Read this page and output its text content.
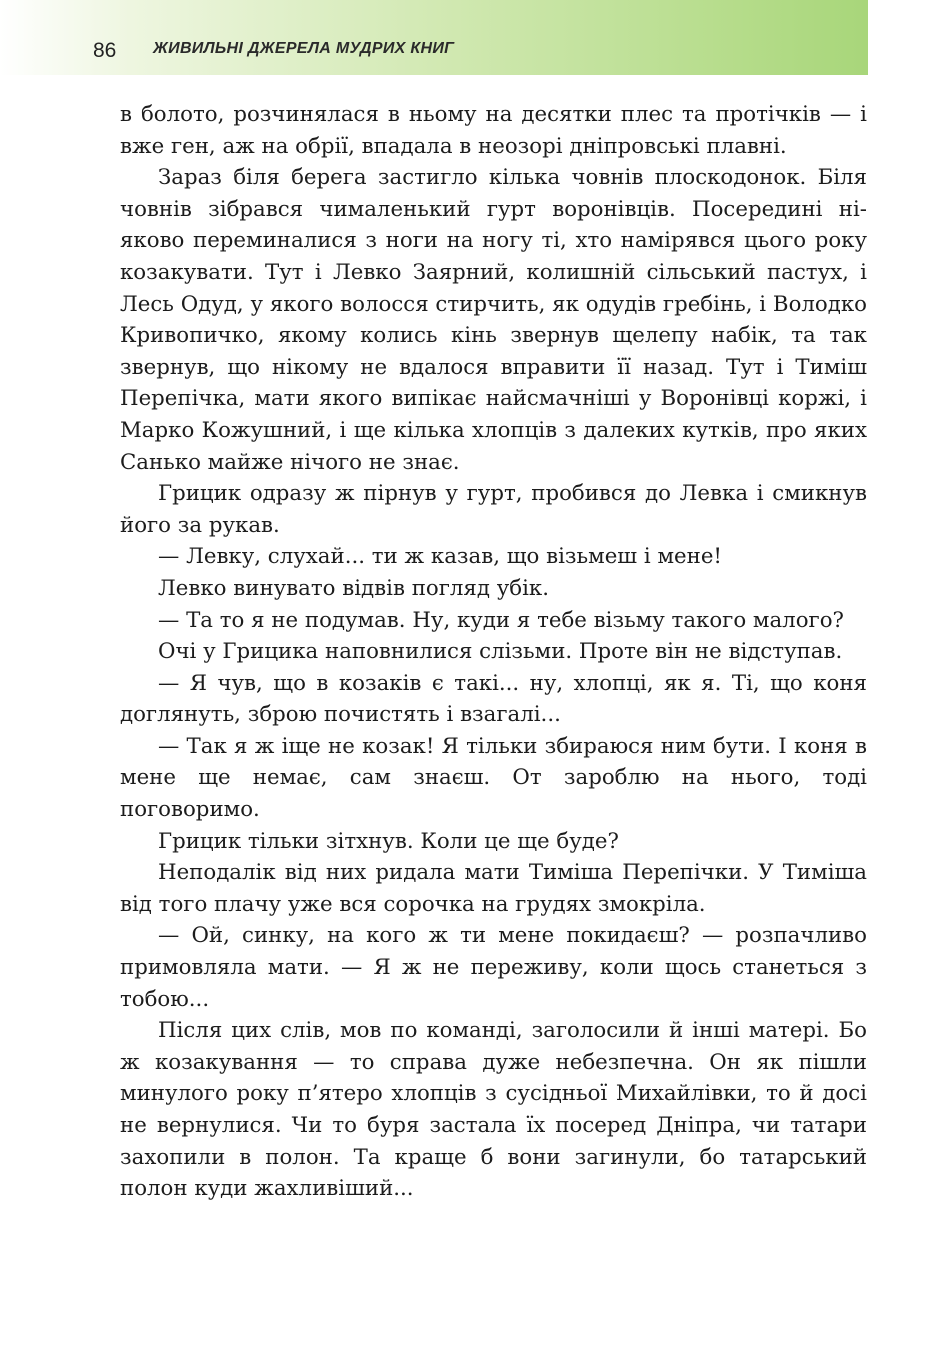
86 ЖИВИЛЬНІ ДЖЕРЕЛА МУДРИХ КНИГ

в болото, розчинялася в ньому на десятки плес та протічків — і вже ген, аж на обрії, впадала в неозорі дніпровські плавні.

Зараз біля берега застигло кілька човнів плоскодонок. Біля човнів зібрався чималенький гурт воронівців. Посередині ніяково переминалися з ноги на ногу ті, хто намірявся цього року козакувати. Тут і Левко Заярний, колишній сільський пастух, і Лесь Одуд, у якого волосся стирчить, як одудів гребінь, і Володко Кривопичко, якому колись кінь звернув щелепу набік, та так звернув, що нікому не вдалося вправити її назад. Тут і Тиміш Перепічка, мати якого випікає найсмачніші у Воронівці коржі, і Марко Кожушний, і ще кілька хлопців з далеких кутків, про яких Санько майже нічого не знає.

Грицик одразу ж пірнув у гурт, пробився до Левка і смикнув його за рукав.

— Левку, слухай... ти ж казав, що візьмеш і мене!

Левко винувато відвів погляд убік.

— Та то я не подумав. Ну, куди я тебе візьму такого малого?

Очі у Грицика наповнилися слізьми. Проте він не відступав.

— Я чув, що в козаків є такі... ну, хлопці, як я. Ті, що коня доглянуть, зброю почистять і взагалі...

— Так я ж іще не козак! Я тільки збираюся ним бути. І коня в мене ще немає, сам знаєш. От зароблю на нього, тоді поговоримо.

Грицик тільки зітхнув. Коли це ще буде?

Неподалік від них ридала мати Тиміша Перепічки. У Тиміша від того плачу уже вся сорочка на грудях змокріла.

— Ой, синку, на кого ж ти мене покидаєш? — розпачливо примовляла мати. — Я ж не переживу, коли щось станеться з тобою...

Після цих слів, мов по команді, заголосили й інші матері. Бо ж козакування — то справа дуже небезпечна. Он як пішли минулого року п’ятеро хлопців з сусідньої Михайлівки, то й досі не вернулися. Чи то буря застала їх посеред Дніпра, чи татари захопили в полон. Та краще б вони загинули, бо татарський полон куди жахливіший...
